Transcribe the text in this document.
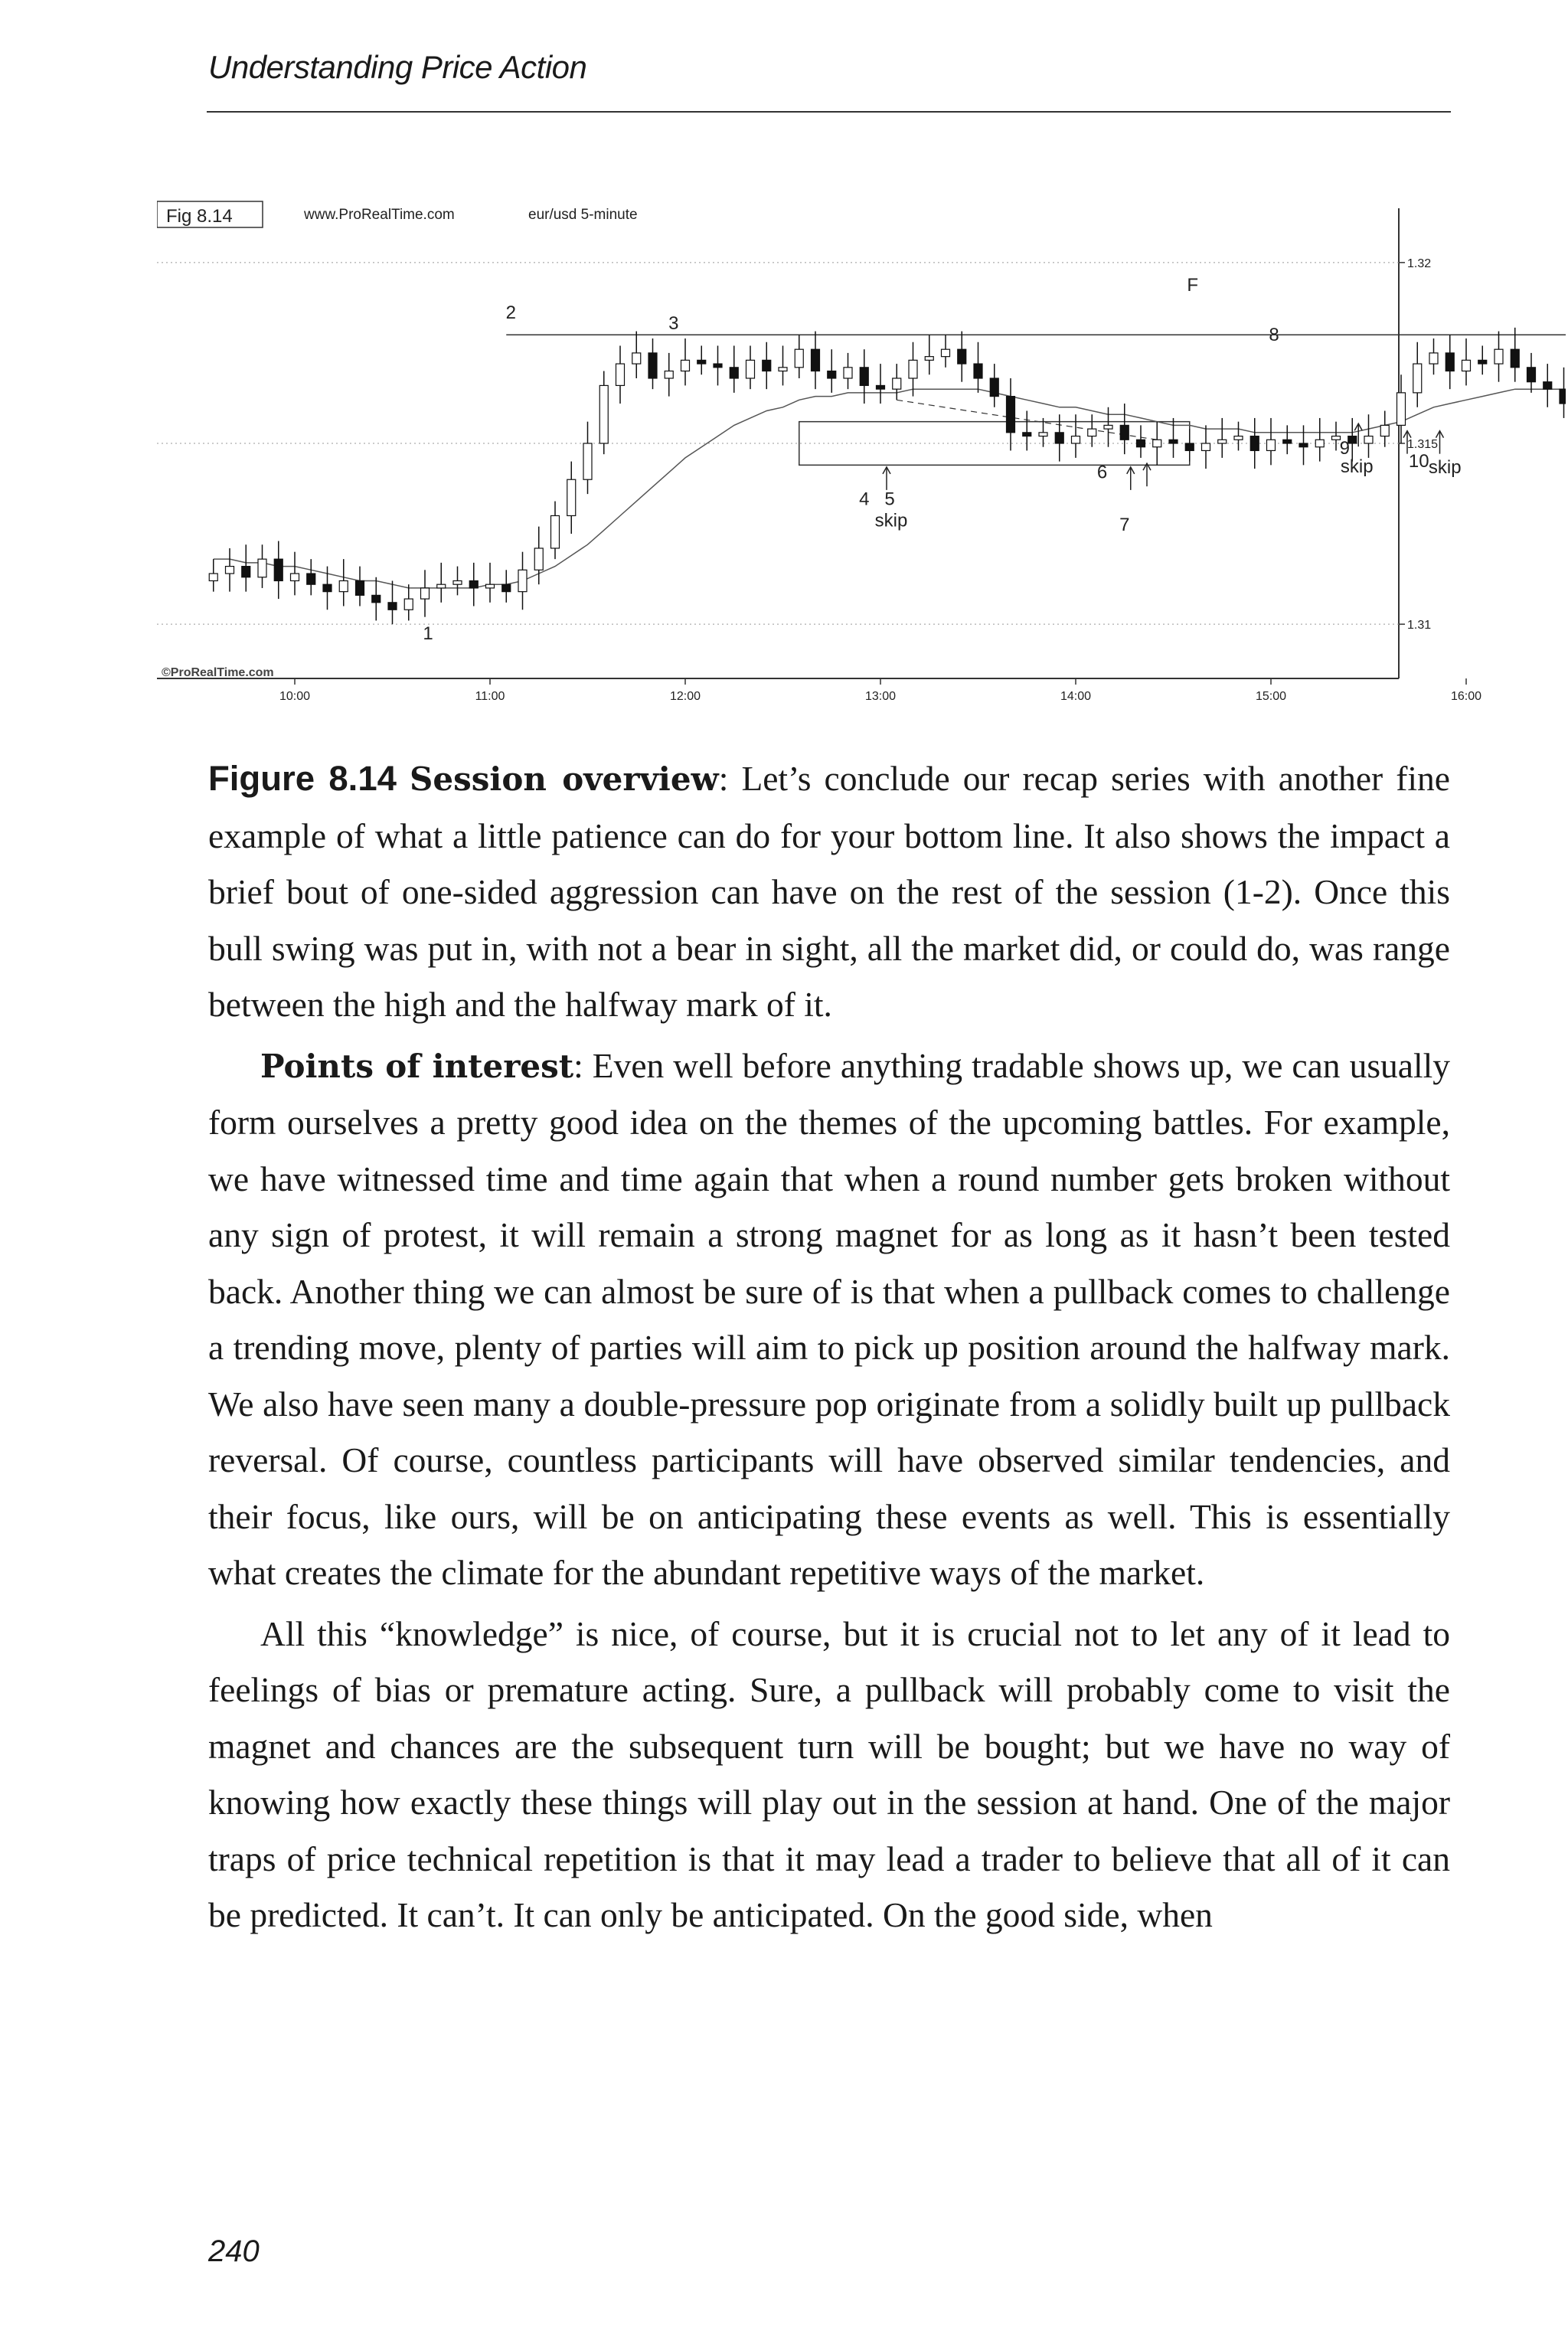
Understanding Price Action
Fig 8.14	www.ProRealTime.com	eur/usd 5-minute
©ProRealTime.com
1.32
1.315
1.31
10:00	11:00	12:00	13:00	14:00	15:00	16:00
1
2
3
4 5
skip
6
7
F
8
9
skip 10 skip

Figure 8.14 Session overview: Let’s conclude our recap series with another fine example of what a little patience can do for your bottom line. It also shows the impact a brief bout of one-sided aggression can have on the rest of the session (1-2). Once this bull swing was put in, with not a bear in sight, all the market did, or could do, was range between the high and the halfway mark of it.

Points of interest: Even well before anything tradable shows up, we can usually form ourselves a pretty good idea on the themes of the upcoming battles. For example, we have witnessed time and time again that when a round number gets broken without any sign of protest, it will remain a strong magnet for as long as it hasn’t been tested back. Another thing we can almost be sure of is that when a pullback comes to challenge a trending move, plenty of parties will aim to pick up position around the halfway mark. We also have seen many a double-pressure pop originate from a solidly built up pullback reversal. Of course, countless participants will have observed similar tendencies, and their focus, like ours, will be on anticipating these events as well. This is essentially what creates the climate for the abundant repetitive ways of the market.

All this “knowledge” is nice, of course, but it is crucial not to let any of it lead to feelings of bias or premature acting. Sure, a pullback will probably come to visit the magnet and chances are the subsequent turn will be bought; but we have no way of knowing how exactly these things will play out in the session at hand. One of the major traps of price technical repetition is that it may lead a trader to believe that all of it can be predicted. It can’t. It can only be anticipated. On the good side, when

240
